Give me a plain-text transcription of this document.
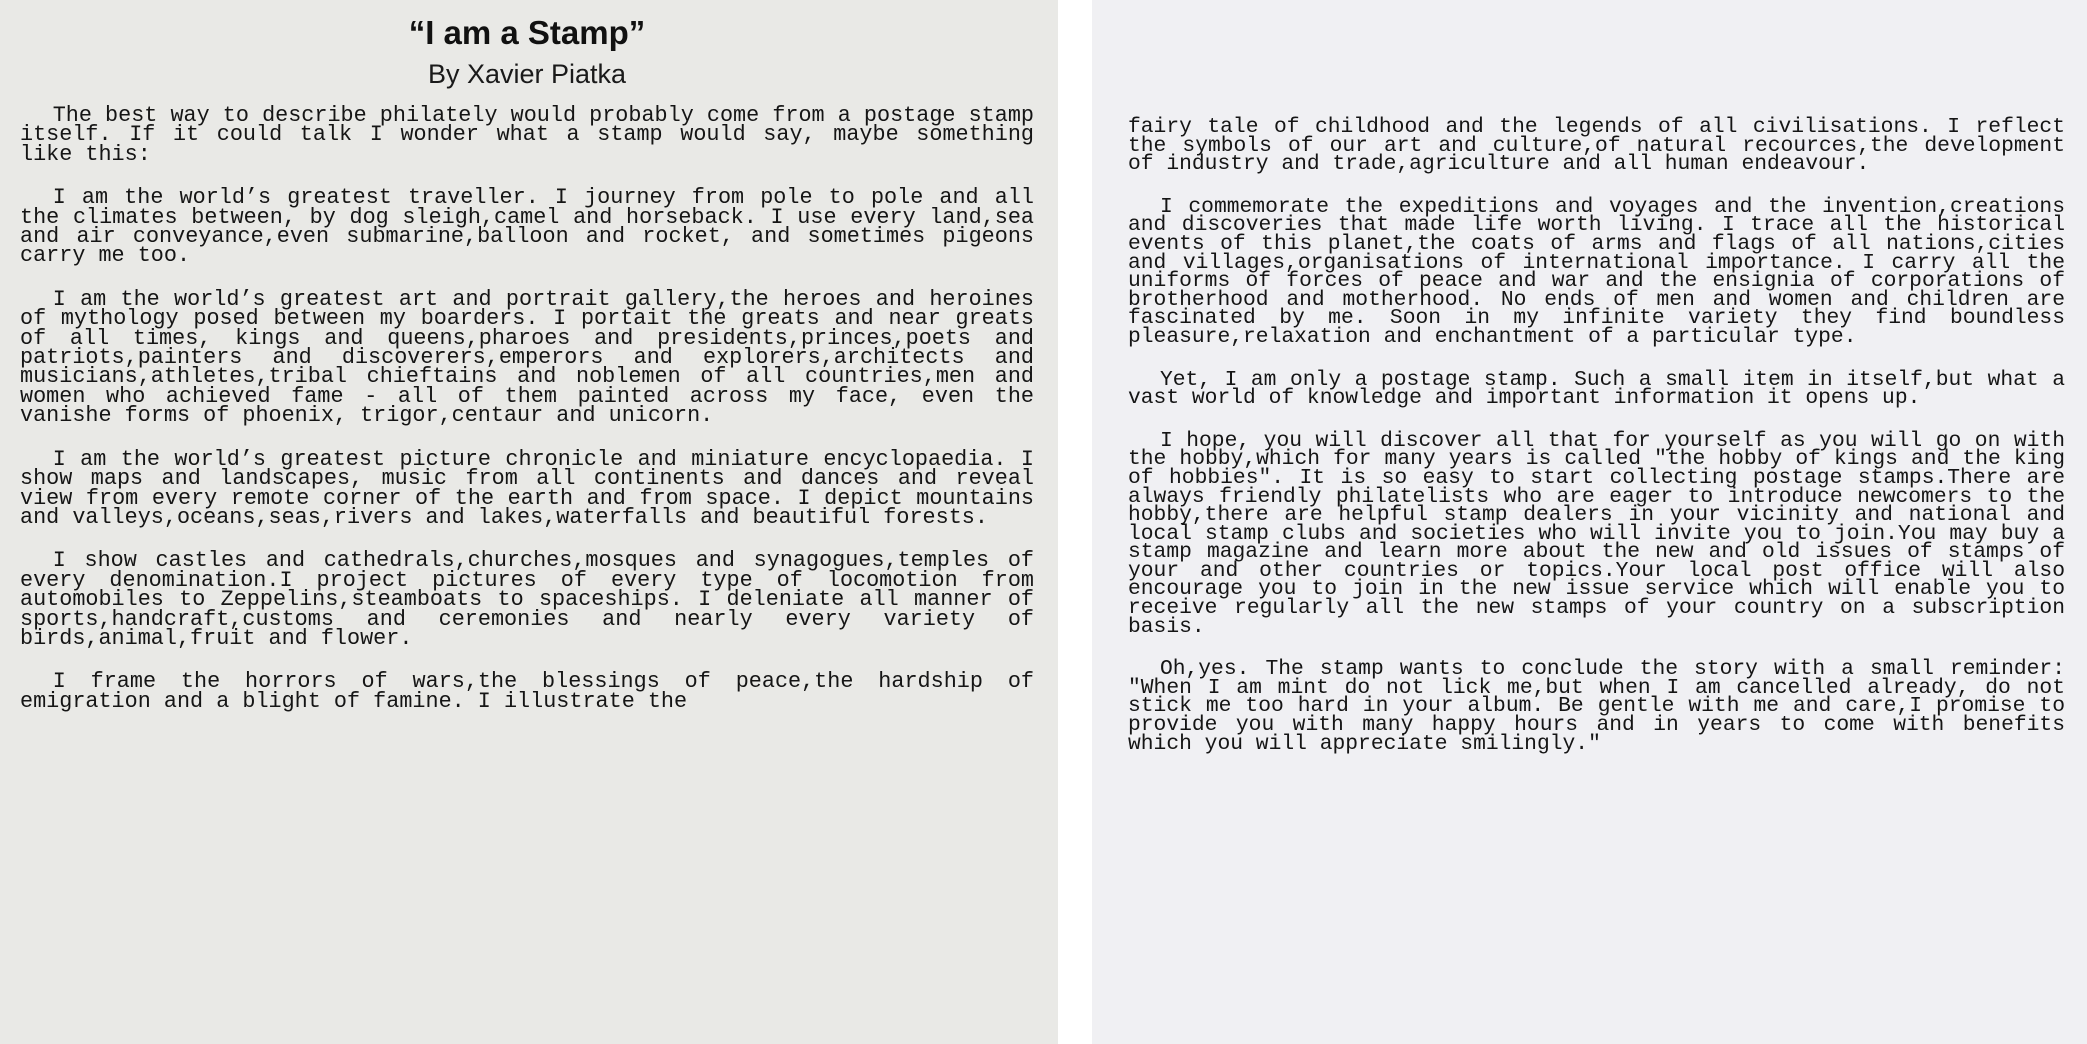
“I am a Stamp”
By Xavier Piatka

The best way to describe philately would probably come from a postage stamp itself. If it could talk I wonder what a stamp would say, maybe something like this:

I am the world’s greatest traveller. I journey from pole to pole and all the climates between, by dog sleigh,camel and horseback. I use every land,sea and air conveyance,even submarine,balloon and rocket, and sometimes pigeons carry me too.

I am the world’s greatest art and portrait gallery,the heroes and heroines of mythology posed between my boarders. I portait the greats and near greats of all times, kings and queens,pharoes and presidents,princes,poets and patriots,painters and discoverers,emperors and explorers,architects and musicians,athletes,tribal chieftains and noblemen of all countries,men and women who achieved fame - all of them painted across my face, even the vanishe forms of phoenix, trigor,centaur and unicorn.

I am the world’s greatest picture chronicle and miniature encyclopaedia. I show maps and landscapes, music from all continents and dances and reveal view from every remote corner of the earth and from space. I depict mountains and valleys,oceans,seas,rivers and lakes,waterfalls and beautiful forests.

I show castles and cathedrals,churches,mosques and synagogues,temples of every denomination.I project pictures of every type of locomotion from automobiles to Zeppelins,steamboats to spaceships. I deleniate all manner of sports,handcraft,customs and ceremonies and nearly every variety of birds,animal,fruit and flower.

I frame the horrors of wars,the blessings of peace,the hardship of emigration and a blight of famine. I illustrate the

fairy tale of childhood and the legends of all civilisations. I reflect the symbols of our art and culture,of natural recources,the development of industry and trade,agriculture and all human endeavour.

I commemorate the expeditions and voyages and the invention,creations and discoveries that made life worth living. I trace all the historical events of this planet,the coats of arms and flags of all nations,cities and villages,organisations of international importance. I carry all the uniforms of forces of peace and war and the ensignia of corporations of brotherhood and motherhood. No ends of men and women and children are fascinated by me. Soon in my infinite variety they find boundless pleasure,relaxation and enchantment of a particular type.

Yet, I am only a postage stamp. Such a small item in itself,but what a vast world of knowledge and important information it opens up.

I hope, you will discover all that for yourself as you will go on with the hobby,which for many years is called "the hobby of kings and the king of hobbies". It is so easy to start collecting postage stamps.There are always friendly philatelists who are eager to introduce newcomers to the hobby,there are helpful stamp dealers in your vicinity and national and local stamp clubs and societies who will invite you to join.You may buy a stamp magazine and learn more about the new and old issues of stamps of your and other countries or topics.Your local post office will also encourage you to join in the new issue service which will enable you to receive regularly all the new stamps of your country on a subscription basis.

Oh,yes. The stamp wants to conclude the story with a small reminder: "When I am mint do not lick me,but when I am cancelled already, do not stick me too hard in your album. Be gentle with me and care,I promise to provide you with many happy hours and in years to come with benefits which you will appreciate smilingly."
